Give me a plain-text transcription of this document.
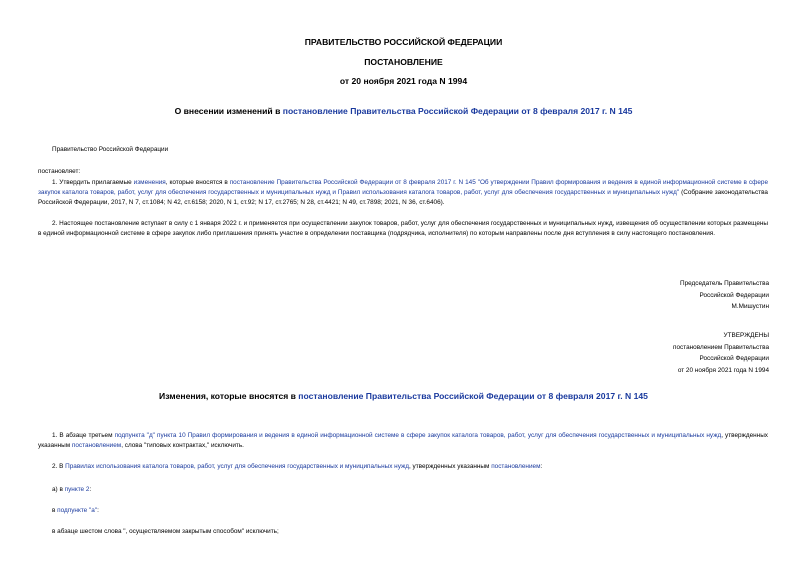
ПРАВИТЕЛЬСТВО РОССИЙСКОЙ ФЕДЕРАЦИИ
ПОСТАНОВЛЕНИЕ
от 20 ноября 2021 года N 1994
О внесении изменений в постановление Правительства Российской Федерации от 8 февраля 2017 г. N 145
Правительство Российской Федерации
постановляет:
1. Утвердить прилагаемые изменения, которые вносятся в постановление Правительства Российской Федерации от 8 февраля 2017 г. N 145 "Об утверждении Правил формирования и ведения в единой информационной системе в сфере закупок каталога товаров, работ, услуг для обеспечения государственных и муниципальных нужд и Правил использования каталога товаров, работ, услуг для обеспечения государственных и муниципальных нужд" (Собрание законодательства Российской Федерации, 2017, N 7, ст.1084; N 42, ст.6158; 2020, N 1, ст.92; N 17, ст.2765; N 28, ст.4421; N 49, ст.7898; 2021, N 36, ст.6406).
2. Настоящее постановление вступает в силу с 1 января 2022 г. и применяется при осуществлении закупок товаров, работ, услуг для обеспечения государственных и муниципальных нужд, извещения об осуществлении которых размещены в единой информационной системе в сфере закупок либо приглашения принять участие в определении поставщика (подрядчика, исполнителя) по которым направлены после дня вступления в силу настоящего постановления.
Председатель Правительства
Российской Федерации
М.Мишустин
УТВЕРЖДЕНЫ
постановлением Правительства
Российской Федерации
от 20 ноября 2021 года N 1994
Изменения, которые вносятся в постановление Правительства Российской Федерации от 8 февраля 2017 г. N 145
1. В абзаце третьем подпункта "д" пункта 10 Правил формирования и ведения в единой информационной системе в сфере закупок каталога товаров, работ, услуг для обеспечения государственных и муниципальных нужд, утвержденных указанным постановлением, слова "типовых контрактах," исключить.
2. В Правилах использования каталога товаров, работ, услуг для обеспечения государственных и муниципальных нужд, утвержденных указанным постановлением:
а) в пункте 2:
в подпункте "а":
в абзаце шестом слова ", осуществляемом закрытым способом" исключить;
